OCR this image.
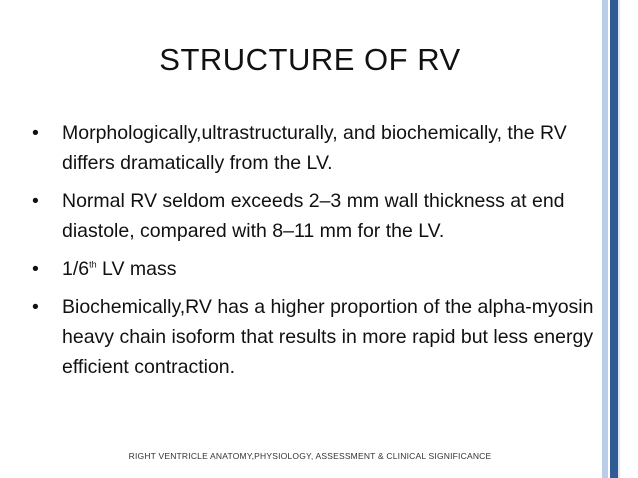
STRUCTURE OF RV
• Morphologically,ultrastructurally, and biochemically, the RV differs dramatically from the LV.
• Normal RV seldom exceeds 2–3 mm wall thickness at end diastole, compared with 8–11 mm for the LV.
• 1/6th LV mass
• Biochemically,RV has a higher proportion of the alpha-myosin heavy chain isoform that results in more rapid but less energy efficient contraction.
RIGHT VENTRICLE ANATOMY,PHYSIOLOGY, ASSESSMENT & CLINICAL SIGNIFICANCE
